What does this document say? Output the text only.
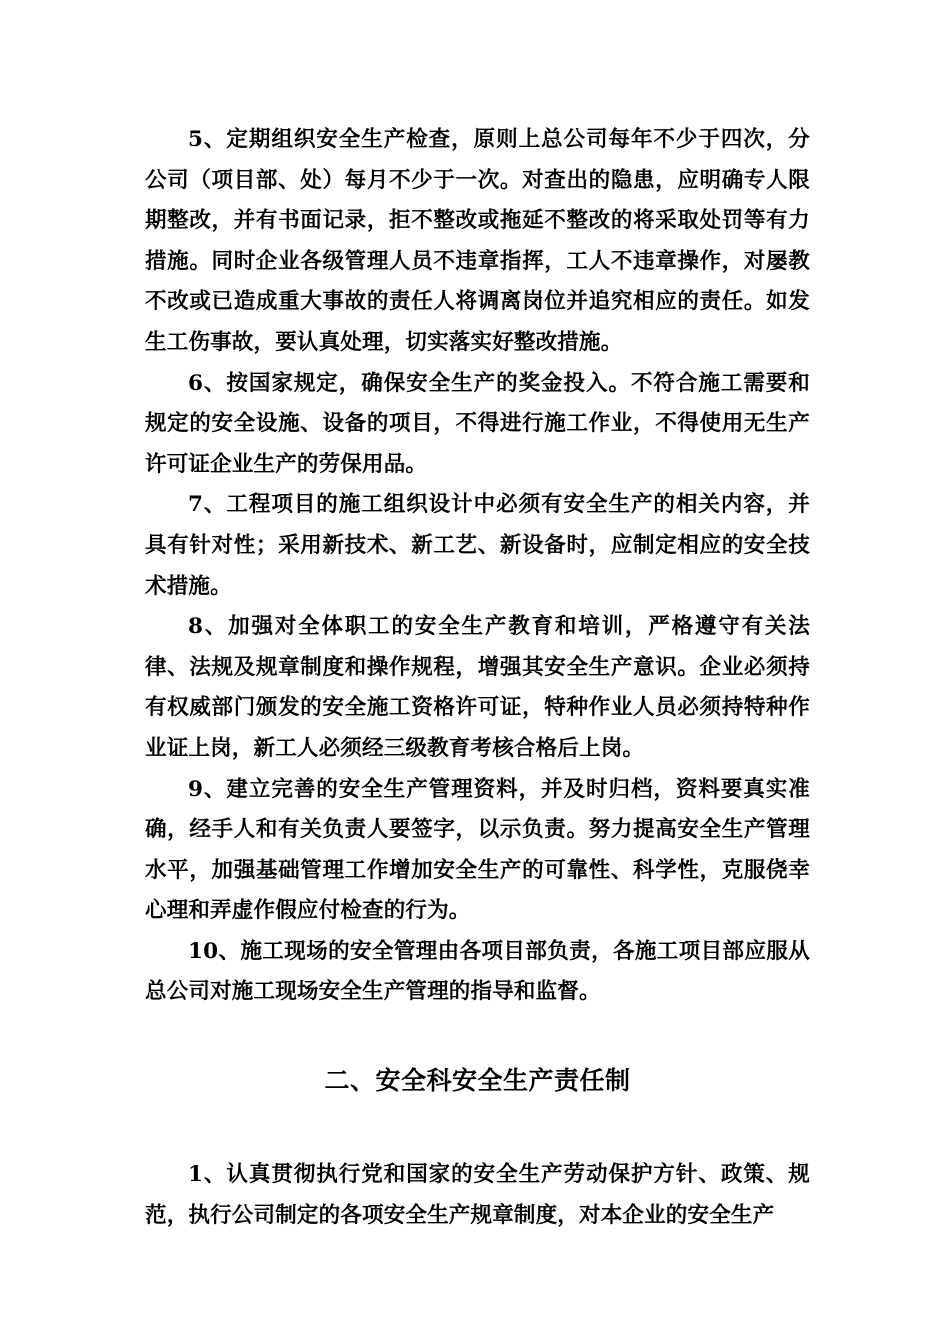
5、定期组织安全生产检查，原则上总公司每年不少于四次，分公司（项目部、处）每月不少于一次。对查出的隐患，应明确专人限期整改，并有书面记录，拒不整改或拖延不整改的将采取处罚等有力措施。同时企业各级管理人员不违章指挥，工人不违章操作，对屡教不改或已造成重大事故的责任人将调离岗位并追究相应的责任。如发生工伤事故，要认真处理，切实落实好整改措施。

6、按国家规定，确保安全生产的奖金投入。不符合施工需要和规定的安全设施、设备的项目，不得进行施工作业，不得使用无生产许可证企业生产的劳保用品。

7、工程项目的施工组织设计中必须有安全生产的相关内容，并具有针对性；采用新技术、新工艺、新设备时，应制定相应的安全技术措施。

8、加强对全体职工的安全生产教育和培训，严格遵守有关法律、法规及规章制度和操作规程，增强其安全生产意识。企业必须持有权威部门颁发的安全施工资格许可证，特种作业人员必须持特种作业证上岗，新工人必须经三级教育考核合格后上岗。

9、建立完善的安全生产管理资料，并及时归档，资料要真实准确，经手人和有关负责人要签字，以示负责。努力提高安全生产管理水平，加强基础管理工作增加安全生产的可靠性、科学性，克服侥幸心理和弄虚作假应付检查的行为。

10、施工现场的安全管理由各项目部负责，各施工项目部应服从总公司对施工现场安全生产管理的指导和监督。

二、安全科安全生产责任制

1、认真贯彻执行党和国家的安全生产劳动保护方针、政策、规范，执行公司制定的各项安全生产规章制度，对本企业的安全生产
